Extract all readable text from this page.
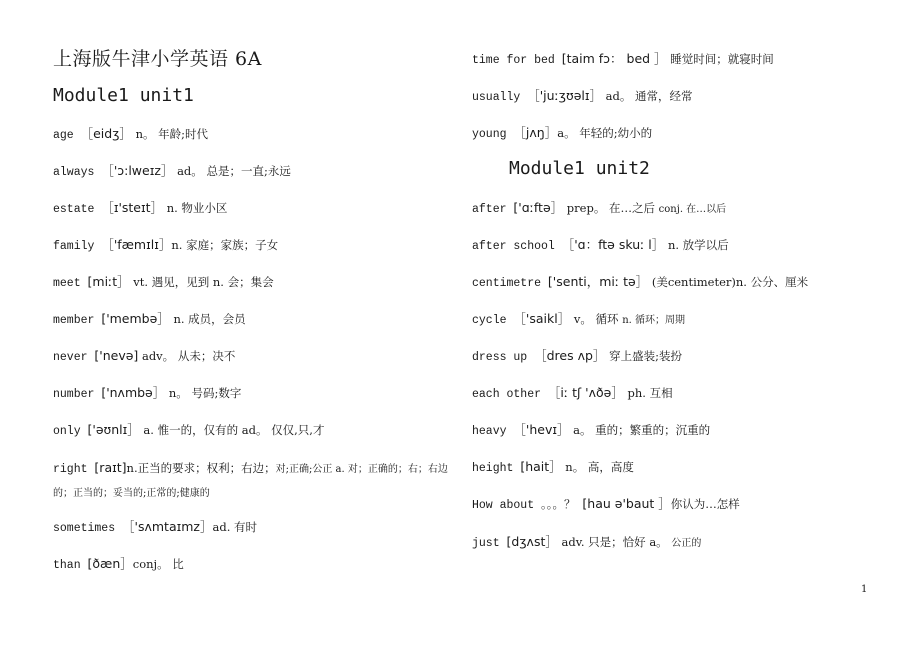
上海版牛津小学英语 6A
Module1 unit1
Module1 unit2
age ［eidʒ］ n。 年龄;时代
always ［'ɔ:lweɪz］ ad。 总是；一直;永远
estate ［ɪ'steɪt］ n. 物业小区
family ［'fæmɪlɪ］n. 家庭；家族；子女
meet [miːt］ vt. 遇见，见到 n. 会；集会
member ['membə］ n. 成员，会员
never ['nevə] adv。 从未；决不
number ['nʌmbə］ n。 号码;数字
only ['əʊnlɪ］ a. 惟一的，仅有的 ad。 仅仅,只,才
right [raɪt]n.正当的要求；权利；右边；对;正确;公正 a. 对；正确的；右；右边的；正当的；妥当的;正常的;健康的
sometimes ［'sʌmtaɪmz］ad. 有时
than [ðæn］conj。 比
time for bed [taim fɔ： bed ］ 睡觉时间；就寝时间
usually ［'juːʒʊəlɪ］ ad。 通常，经常
young ［jʌŋ］a。 年轻的;幼小的
after ['ɑːftə］ prep。 在…之后 conj. 在…以后
after school ［'ɑ：ftə skuː l］ n. 放学以后
centimetre ['senti，miː tə］ (美centimeter)n. 公分、厘米
cycle ［'saikl］ v。 循环 n. 循环；周期
dress up ［dres ʌp］ 穿上盛装;装扮
each other ［iː tʃ 'ʌðə］ ph. 互相
heavy ［'hevɪ］ a。 重的；繁重的；沉重的
height [hait］ n。 高，高度
How about 。。。？ [hau ə'baut ］你认为…怎样
just [dʒʌst］ adv. 只是；恰好 a。 公正的
1
